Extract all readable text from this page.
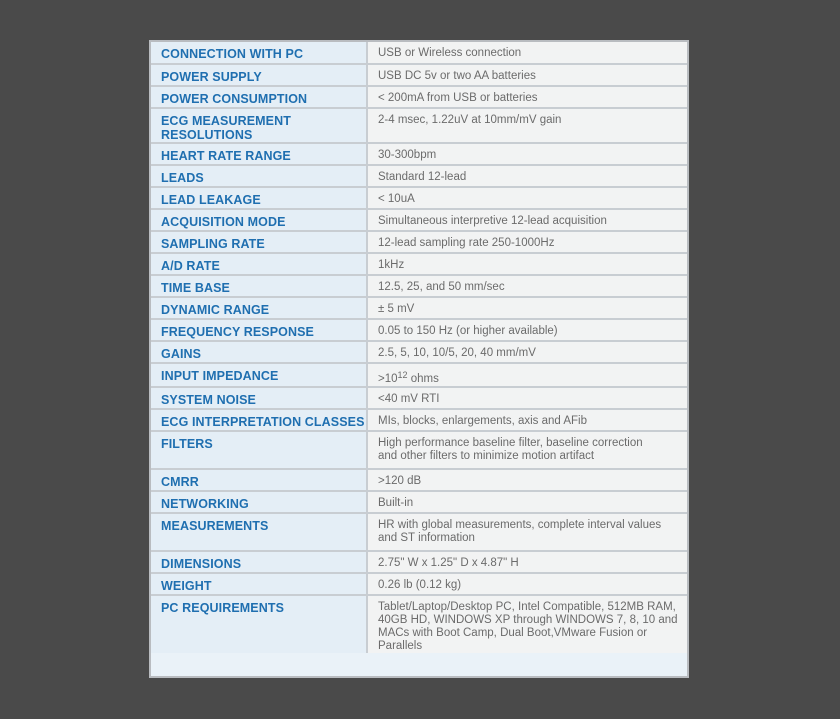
CONNECTION WITH PC	USB or Wireless connection
POWER SUPPLY	USB DC 5v or two AA batteries
POWER CONSUMPTION	< 200mA from USB or batteries
ECG MEASUREMENT RESOLUTIONS	2-4 msec, 1.22uV at 10mm/mV gain
HEART RATE RANGE	30-300bpm
LEADS	Standard 12-lead
LEAD LEAKAGE	< 10uA
ACQUISITION MODE	Simultaneous interpretive 12-lead acquisition
SAMPLING RATE	12-lead sampling rate 250-1000Hz
A/D RATE	1kHz
TIME BASE	12.5, 25, and 50 mm/sec
DYNAMIC RANGE	± 5 mV
FREQUENCY RESPONSE	0.05 to 150 Hz (or higher available)
GAINS	2.5, 5, 10, 10/5, 20, 40 mm/mV
INPUT IMPEDANCE	$>10^{12}$ ohms
SYSTEM NOISE	<40 mV RTI
ECG INTERPRETATION CLASSES	MIs, blocks, enlargements, axis and AFib
FILTERS	High performance baseline filter, baseline correction
and other filters to minimize motion artifact
CMRR	>120 dB
NETWORKING	Built-in
MEASUREMENTS	HR with global measurements, complete interval values
and ST information
DIMENSIONS	2.75" W x 1.25" D x 4.87" H
WEIGHT	0.26 lb (0.12 kg)
PC REQUIREMENTS	Tablet/Laptop/Desktop PC, Intel Compatible, 512MB RAM,
40GB HD, WINDOWS XP through WINDOWS 7, 8, 10 and
MACs with Boot Camp, Dual Boot,VMware Fusion or Parallels
